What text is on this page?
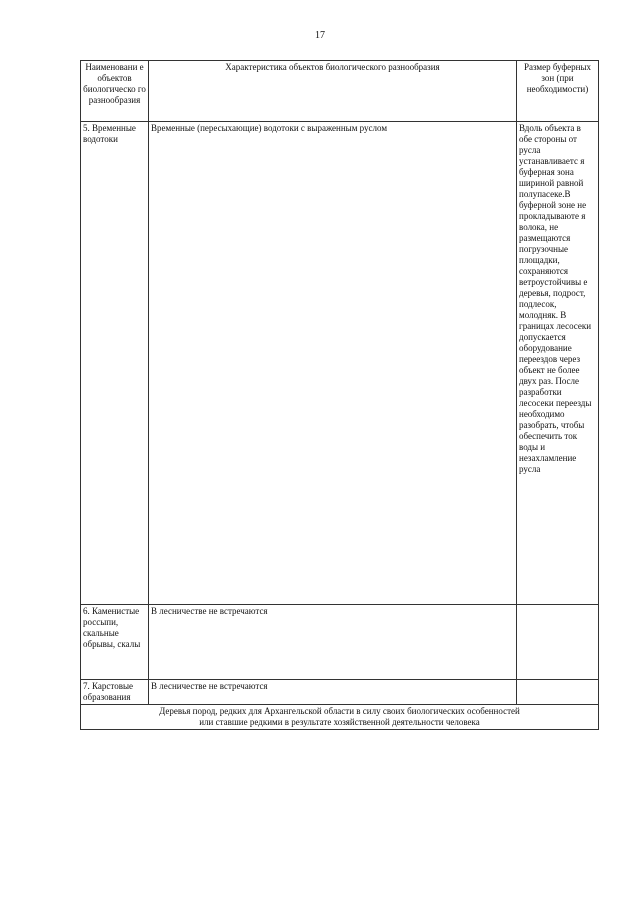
17
Наименовани е объектов биологическо го разнообразия	Характеристика объектов биологического разнообразия	Размер буферных зон (при необходимости)
5. Временные водотоки	Временные (пересыхающие) водотоки с выраженным руслом	Вдоль объекта в обе стороны от русла устанавливаетс я буферная зона шириной равной полупасеке.В буферной зоне не прокладываюте я волока, не размещаются погрузочные площадки, сохраняются ветроустойчивы е деревья, подрост, подлесок, молодняк. В границах лесосеки допускается оборудование переездов через объект не более двух раз. После разработки лесосеки переезды необходимо разобрать, чтобы обеспечить ток воды и незахламление русла
6. Каменистые россыпи, скальные обрывы, скалы	В лесничестве не встречаются	
7. Карстовые образования	В лесничестве не встречаются	

Деревья пород, редких для Архангельской области в силу своих биологических особенностей
или ставшие редкими в результате хозяйственной деятельности человека		
